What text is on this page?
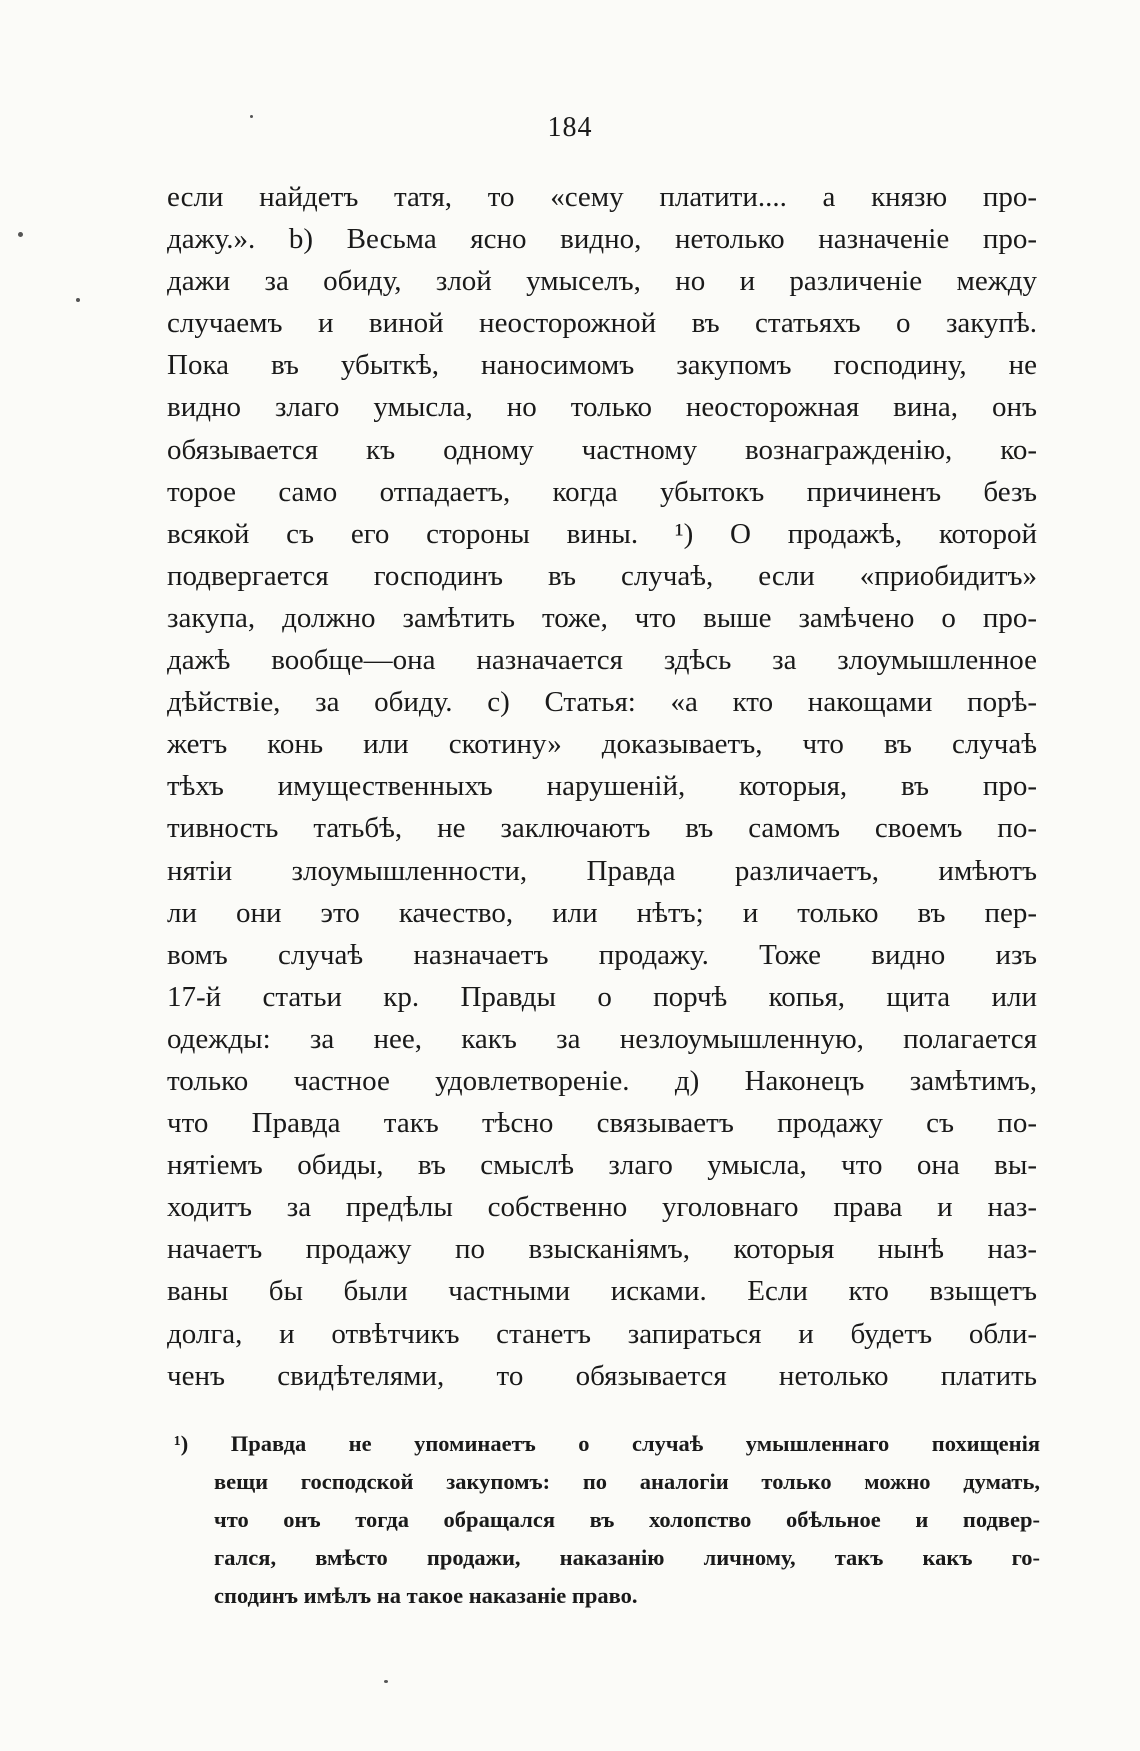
184
если найдетъ татя, то «сему платити.... а князю про-
дажу.». b) Весьма ясно видно, нетолько назначеніе про-
дажи за обиду, злой умыселъ, но и различеніе между
случаемъ и виной неосторожной въ статьяхъ о закупѣ.
Пока въ убыткѣ, наносимомъ закупомъ господину, не
видно злаго умысла, но только неосторожная вина, онъ
обязывается къ одному частному вознагражденію, ко-
торое само отпадаетъ, когда убытокъ причиненъ безъ
всякой съ его стороны вины. ¹) О продажѣ, которой
подвергается господинъ въ случаѣ, если «приобидитъ»
закупа, должно замѣтить тоже, что выше замѣчено о про-
дажѣ вообще—она назначается здѣсь за злоумышленное
дѣйствіе, за обиду. c) Статья: «а кто накощами порѣ-
жетъ конь или скотину» доказываетъ, что въ случаѣ
тѣхъ имущественныхъ нарушеній, которыя, въ про-
тивность татьбѣ, не заключаютъ въ самомъ своемъ по-
нятіи злоумышленности, Правда различаетъ, имѣютъ
ли они это качество, или нѣтъ; и только въ пер-
вомъ случаѣ назначаетъ продажу. Тоже видно изъ
17-й статьи кр. Правды о порчѣ копья, щита или
одежды: за нее, какъ за незлоумышленную, полагается
только частное удовлетвореніе. д) Наконецъ замѣтимъ,
что Правда такъ тѣсно связываетъ продажу съ по-
нятіемъ обиды, въ смыслѣ злаго умысла, что она вы-
ходитъ за предѣлы собственно уголовнаго права и наз-
начаетъ продажу по взысканіямъ, которыя нынѣ наз-
ваны бы были частными исками. Если кто взыщетъ
долга, и отвѣтчикъ станетъ запираться и будетъ обли-
ченъ свидѣтелями, то обязывается нетолько платить
¹) Правда не упоминаетъ о случаѣ умышленнаго похищенія
вещи господской закупомъ: по аналогіи только можно думать,
что онъ тогда обращался въ холопство обѣльное и подвер-
гался, вмѣсто продажи, наказанію личному, такъ какъ го-
сподинъ имѣлъ на такое наказаніе право.
